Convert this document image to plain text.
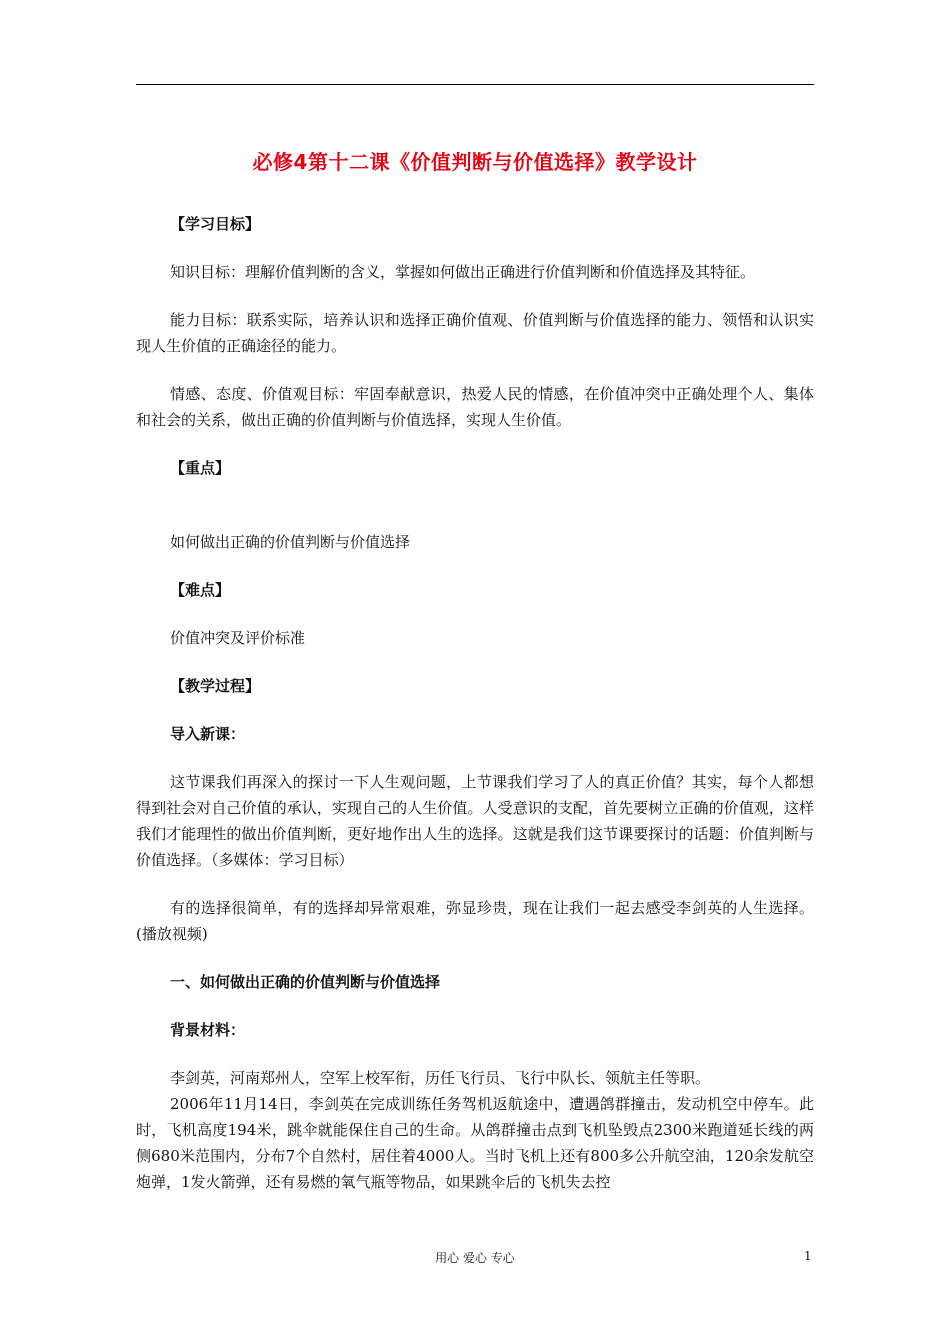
必修4第十二课《价值判断与价值选择》教学设计
【学习目标】
知识目标：理解价值判断的含义，掌握如何做出正确进行价值判断和价值选择及其特征。
能力目标：联系实际，培养认识和选择正确价值观、价值判断与价值选择的能力、领悟和认识实现人生价值的正确途径的能力。
情感、态度、价值观目标：牢固奉献意识，热爱人民的情感，在价值冲突中正确处理个人、集体和社会的关系，做出正确的价值判断与价值选择，实现人生价值。
【重点】
如何做出正确的价值判断与价值选择
【难点】
价值冲突及评价标准
【教学过程】
导入新课：
这节课我们再深入的探讨一下人生观问题，上节课我们学习了人的真正价值？其实，每个人都想得到社会对自己价值的承认，实现自己的人生价值。人受意识的支配，首先要树立正确的价值观，这样我们才能理性的做出价值判断，更好地作出人生的选择。这就是我们这节课要探讨的话题：价值判断与价值选择。（多媒体：学习目标）
有的选择很简单，有的选择却异常艰难，弥显珍贵，现在让我们一起去感受李剑英的人生选择。(播放视频)
一、如何做出正确的价值判断与价值选择
背景材料：
李剑英，河南郑州人，空军上校军衔，历任飞行员、飞行中队长、领航主任等职。
2006年11月14日，李剑英在完成训练任务驾机返航途中，遭遇鸽群撞击，发动机空中停车。此时，飞机高度194米，跳伞就能保住自己的生命。从鸽群撞击点到飞机坠毁点2300米跑道延长线的两侧680米范围内，分布7个自然村，居住着4000人。当时飞机上还有800多公升航空油，120余发航空炮弹，1发火箭弹，还有易燃的氧气瓶等物品，如果跳伞后的飞机失去控
用心 爱心 专心	1
